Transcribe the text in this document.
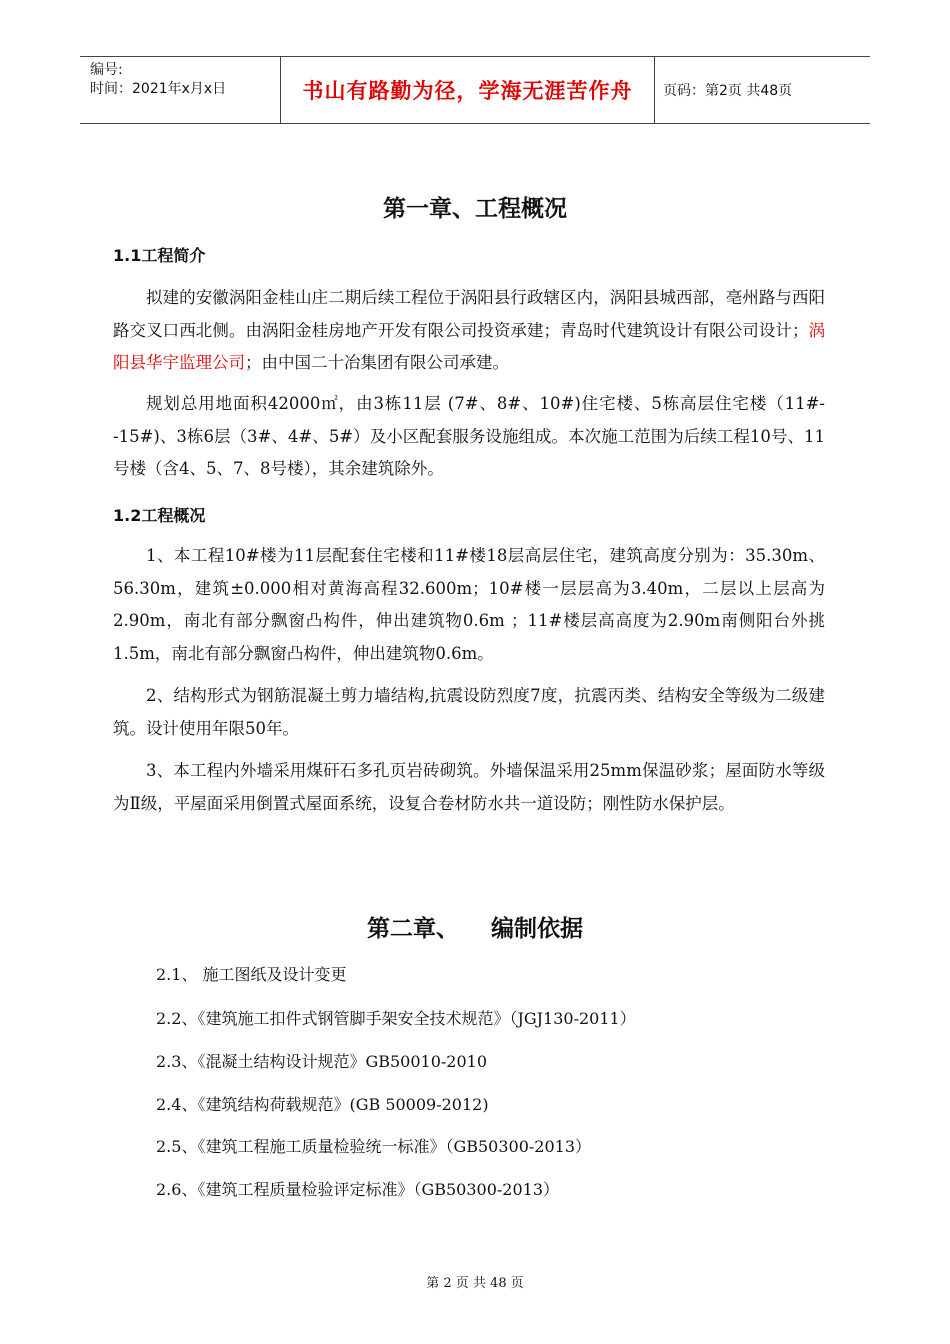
编号:
时间：2021年x月x日	书山有路勤为径，学海无涯苦作舟	页码：第2页 共48页
第一章、工程概况
1.1工程简介

拟建的安徽涡阳金桂山庄二期后续工程位于涡阳县行政辖区内，涡阳县城西部，亳州路与西阳路交叉口西北侧。由涡阳金桂房地产开发有限公司投资承建；青岛时代建筑设计有限公司设计；涡阳县华宇监理公司；由中国二十冶集团有限公司承建。

规划总用地面积42000㎡，由3栋11层 (7#、8#、10#)住宅楼、5栋高层住宅楼（11#--15#)、3栋6层（3#、4#、5#）及小区配套服务设施组成。本次施工范围为后续工程10号、11号楼（含4、5、7、8号楼），其余建筑除外。

1.2工程概况

1、本工程10#楼为11层配套住宅楼和11#楼18层高层住宅，建筑高度分别为：35.30m、56.30m，建筑±0.000相对黄海高程32.600m；10#楼一层层高为3.40m，二层以上层高为2.90m，南北有部分飘窗凸构件，伸出建筑物0.6m ；11#楼层高高度为2.90m南侧阳台外挑1.5m，南北有部分飘窗凸构件，伸出建筑物0.6m。

2、结构形式为钢筋混凝土剪力墙结构,抗震设防烈度7度，抗震丙类、结构安全等级为二级建筑。设计使用年限50年。

3、本工程内外墙采用煤矸石多孔页岩砖砌筑。外墙保温采用25mm保温砂浆；屋面防水等级为Ⅱ级，平屋面采用倒置式屋面系统，设复合卷材防水共一道设防；刚性防水保护层。

第二章、    编制依据
2.1、 施工图纸及设计变更
2.2、《建筑施工扣件式钢管脚手架安全技术规范》（JGJ130-2011）
2.3、《混凝土结构设计规范》GB50010-2010
2.4、《建筑结构荷载规范》(GB 50009-2012)
2.5、《建筑工程施工质量检验统一标准》（GB50300-2013）
2.6、《建筑工程质量检验评定标准》（GB50300-2013）
第 2 页 共 48 页
